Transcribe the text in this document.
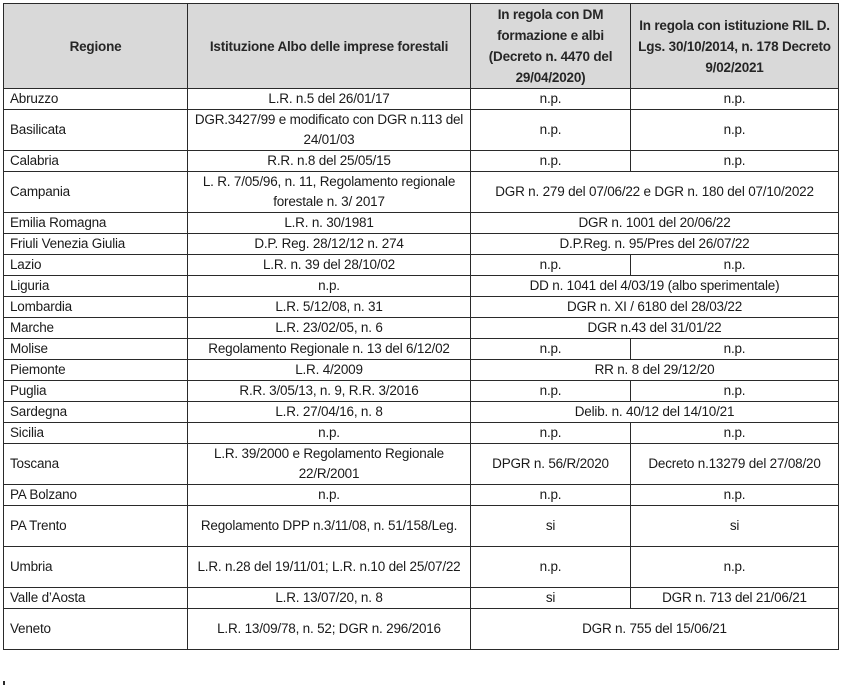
Regione	Istituzione Albo delle imprese forestali	In regola con DM formazione e albi (Decreto n. 4470 del 29/04/2020)	In regola con istituzione RIL D. Lgs. 30/10/2014, n. 178 Decreto 9/02/2021
Abruzzo	L.R. n.5 del 26/01/17	n.p.	n.p.
Basilicata	DGR.3427/99 e modificato con DGR n.113 del 24/01/03	n.p.	n.p.
Calabria	R.R. n.8 del 25/05/15	n.p.	n.p.
Campania	L. R. 7/05/96, n. 11, Regolamento regionale forestale n. 3/ 2017	DGR n. 279 del 07/06/22 e DGR n. 180 del 07/10/2022	
Emilia Romagna	L.R. n. 30/1981	DGR n. 1001 del 20/06/22	
Friuli Venezia Giulia	D.P. Reg. 28/12/12 n. 274	D.P.Reg. n. 95/Pres del 26/07/22	
Lazio	L.R. n. 39 del 28/10/02	n.p.	n.p.
Liguria	n.p.	DD n. 1041 del 4/03/19 (albo sperimentale)	
Lombardia	L.R. 5/12/08, n. 31	DGR n. XI / 6180 del 28/03/22	
Marche	L.R. 23/02/05, n. 6	DGR n.43 del 31/01/22	
Molise	Regolamento Regionale n. 13 del 6/12/02	n.p.	n.p.
Piemonte	L.R. 4/2009	RR n. 8 del 29/12/20	
Puglia	R.R. 3/05/13, n. 9, R.R. 3/2016	n.p.	n.p.
Sardegna	L.R. 27/04/16, n. 8	Delib. n. 40/12 del 14/10/21	
Sicilia	n.p.	n.p.	n.p.
Toscana	L.R. 39/2000 e Regolamento Regionale 22/R/2001	DPGR n. 56/R/2020	Decreto n.13279 del 27/08/20
PA Bolzano	n.p.	n.p.	n.p.
PA Trento	Regolamento DPP n.3/11/08, n. 51/158/Leg.	si	si
Umbria	L.R. n.28 del 19/11/01; L.R. n.10 del 25/07/22	n.p.	n.p.
Valle d’Aosta	L.R. 13/07/20, n. 8	si	DGR n. 713 del 21/06/21
Veneto	L.R. 13/09/78, n. 52; DGR n. 296/2016	DGR n. 755 del 15/06/21	
